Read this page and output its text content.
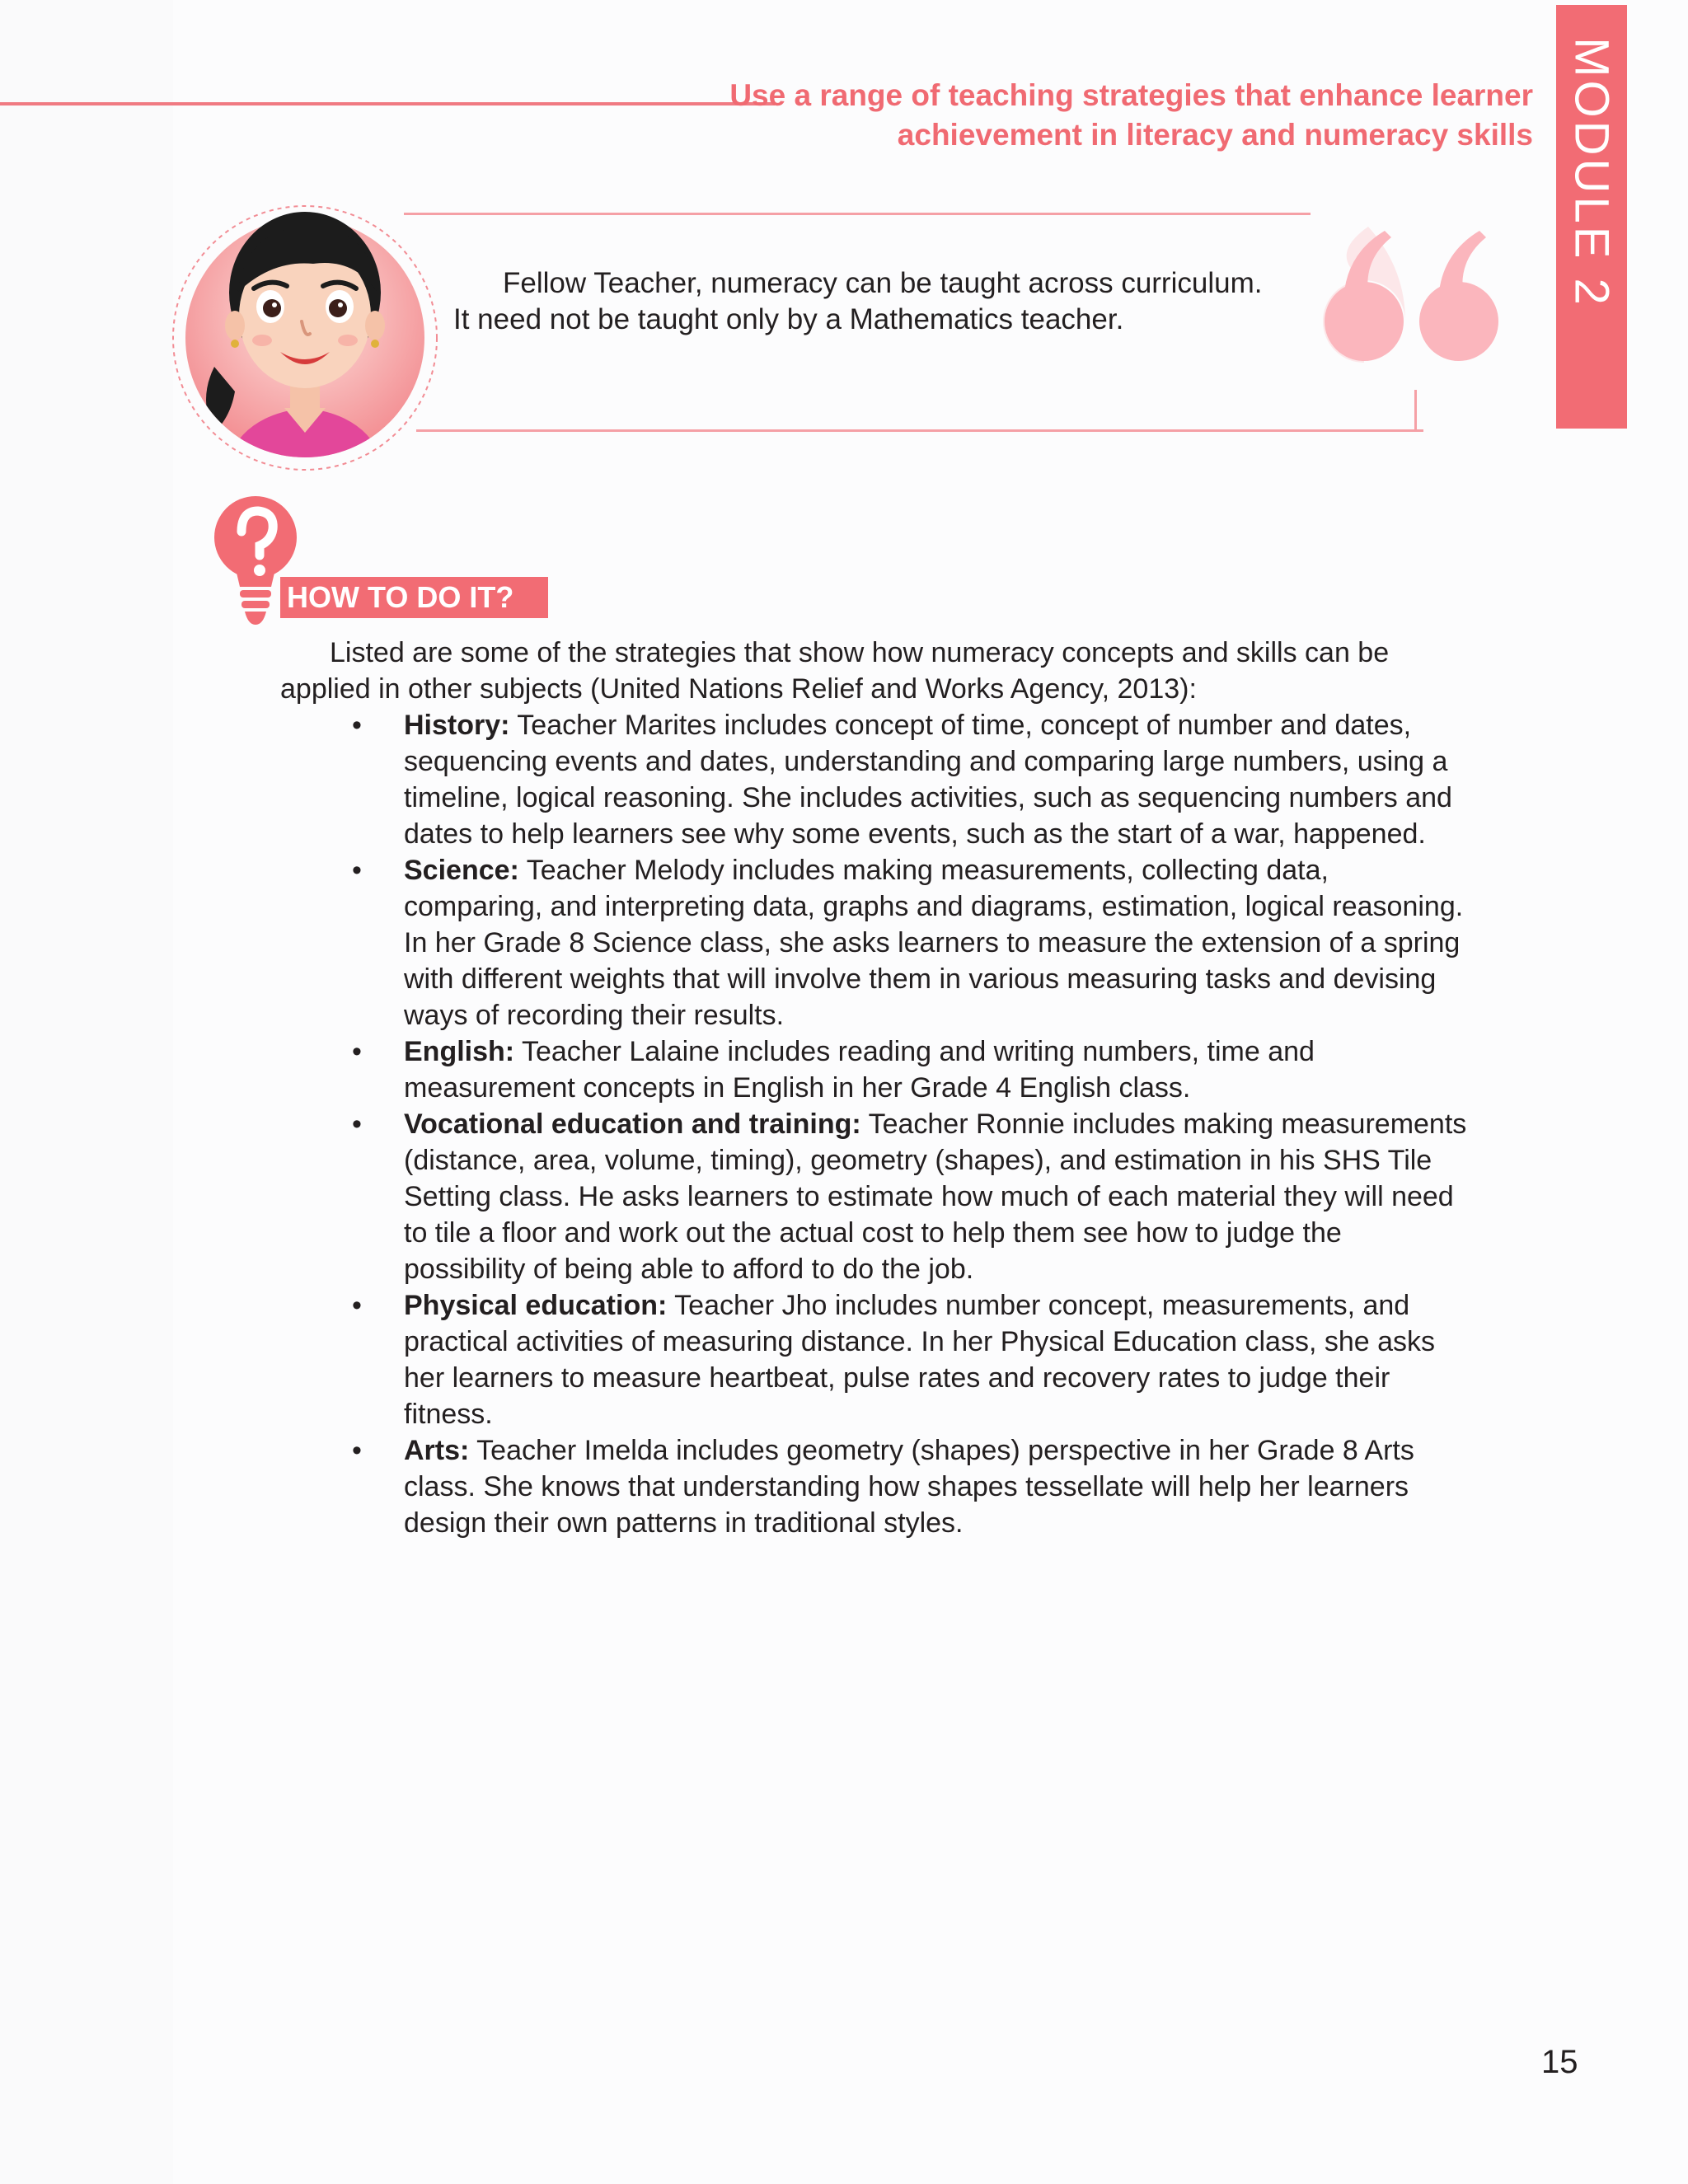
Use a range of teaching strategies that enhance learner
achievement in literacy and numeracy skills MODULE 2
Fellow Teacher, numeracy can be taught across curriculum. It need not be taught only by a Mathematics teacher.
HOW TO DO IT?

Listed are some of the strategies that show how numeracy concepts and skills can be applied in other subjects (United Nations Relief and Works Agency, 2013):

• History: Teacher Marites includes concept of time, concept of number and dates, sequencing events and dates, understanding and comparing large numbers, using a timeline, logical reasoning. She includes activities, such as sequencing numbers and dates to help learners see why some events, such as the start of a war, happened.
• Science: Teacher Melody includes making measurements, collecting data, comparing, and interpreting data, graphs and diagrams, estimation, logical reasoning. In her Grade 8 Science class, she asks learners to measure the extension of a spring with different weights that will involve them in various measuring tasks and devising ways of recording their results.
• English: Teacher Lalaine includes reading and writing numbers, time and measurement concepts in English in her Grade 4 English class.
• Vocational education and training: Teacher Ronnie includes making measurements (distance, area, volume, timing), geometry (shapes), and estimation in his SHS Tile Setting class. He asks learners to estimate how much of each material they will need to tile a floor and work out the actual cost to help them see how to judge the possibility of being able to afford to do the job.
• Physical education: Teacher Jho includes number concept, measurements, and practical activities of measuring distance. In her Physical Education class, she asks her learners to measure heartbeat, pulse rates and recovery rates to judge their fitness.
• Arts: Teacher Imelda includes geometry (shapes) perspective in her Grade 8 Arts class. She knows that understanding how shapes tessellate will help her learners design their own patterns in traditional styles.
15
